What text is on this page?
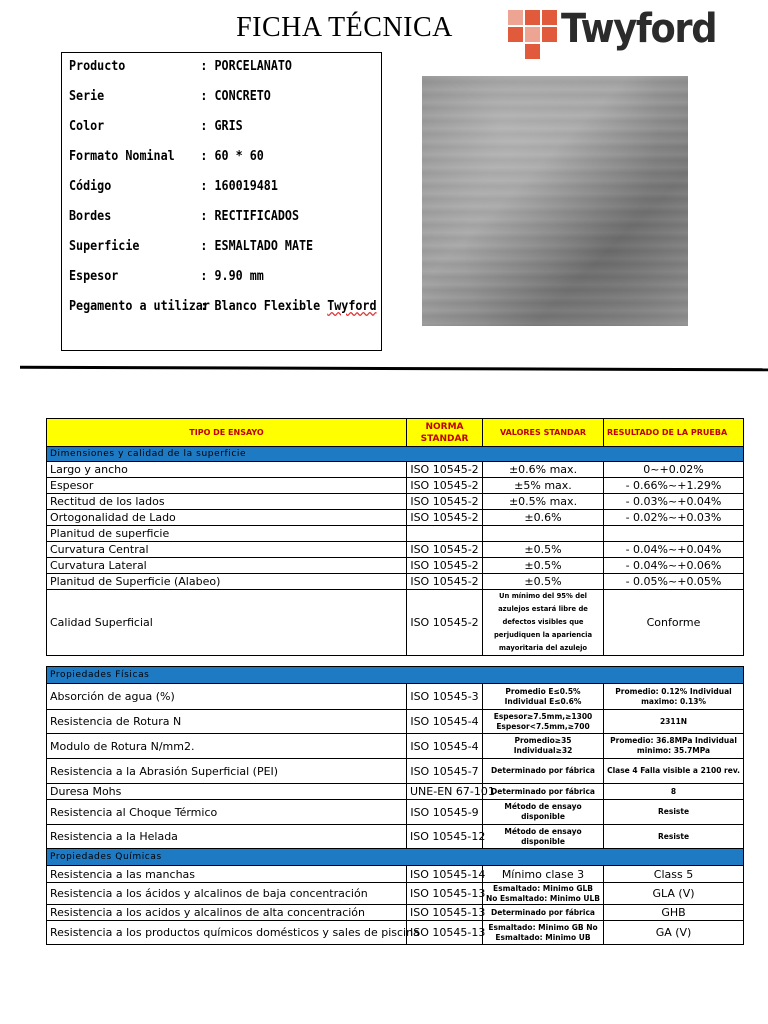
FICHA TÉCNICA	Twyford
Producto	: PORCELANATO
Serie	: CONCRETO
Color	: GRIS
Formato Nominal : 60 * 60
Código	: 160019481
Bordes	: RECTIFICADOS
Superficie	: ESMALTADO MATE
Espesor	: 9.90 mm
Pegamento a utilizar
: Blanco Flexible Twyford
TIPO DE ENSAYO	NORMA STANDAR	VALORES STANDAR	RESULTADO DE LA PRUEBA
Dimensiones y calidad de la superficie			
Largo y ancho	ISO 10545-2	±0.6% max.	0~+0.02%
Espesor	ISO 10545-2	±5% max.	- 0.66%~+1.29%
Rectitud de los lados	ISO 10545-2	±0.5% max.	- 0.03%~+0.04%
Ortogonalidad de Lado	ISO 10545-2	±0.6%	- 0.02%~+0.03%
Planitud de superficie			
Curvatura Central	ISO 10545-2	±0.5%	- 0.04%~+0.04%
Curvatura Lateral	ISO 10545-2	±0.5%	- 0.04%~+0.06%
Planitud de Superficie (Alabeo)	ISO 10545-2	±0.5%	- 0.05%~+0.05%
Calidad Superficial	ISO 10545-2	Un mínimo del 95% del azulejos estará libre de defectos visibles que perjudiquen la apariencia mayoritaria del azulejo	Conforme
Propiedades Físicas			
Absorción de agua (%)	ISO 10545-3	Promedio E≤0.5% Individual E≤0.6%	Promedio: 0.12% Individual maximo: 0.13%
Resistencia de Rotura N	ISO 10545-4	Espesor≥7.5mm,≥1300 Espesor<7.5mm,≥700	2311N
Modulo de Rotura N/mm2.	ISO 10545-4	Promedio≥35 Individual≥32	Promedio: 36.8MPa Individual minimo: 35.7MPa
Resistencia a la Abrasión Superficial (PEI)	ISO 10545-7	Determinado por fábrica	Clase 4 Falla visible a 2100 rev.
Duresa Mohs	UNE-EN 67-101	Determinado por fábrica	8
Resistencia al Choque Térmico	ISO 10545-9	Método de ensayo disponible	Resiste
Resistencia a la Helada	ISO 10545-12	Método de ensayo disponible	Resiste
Propiedades Químicas			
Resistencia a las manchas	ISO 10545-14	Mínimo clase 3	Class 5
Resistencia a los ácidos y alcalinos de baja concentración	ISO 10545-13	Esmaltado: Minimo GLB No Esmaltado: Minimo ULB	GLA (V)
Resistencia a los acidos y alcalinos de alta concentración	ISO 10545-13	Determinado por fábrica	GHB
Resistencia a los productos químicos domésticos y sales de piscina	ISO 10545-13	Esmaltado: Minimo GB No Esmaltado: Minimo UB	GA (V)
